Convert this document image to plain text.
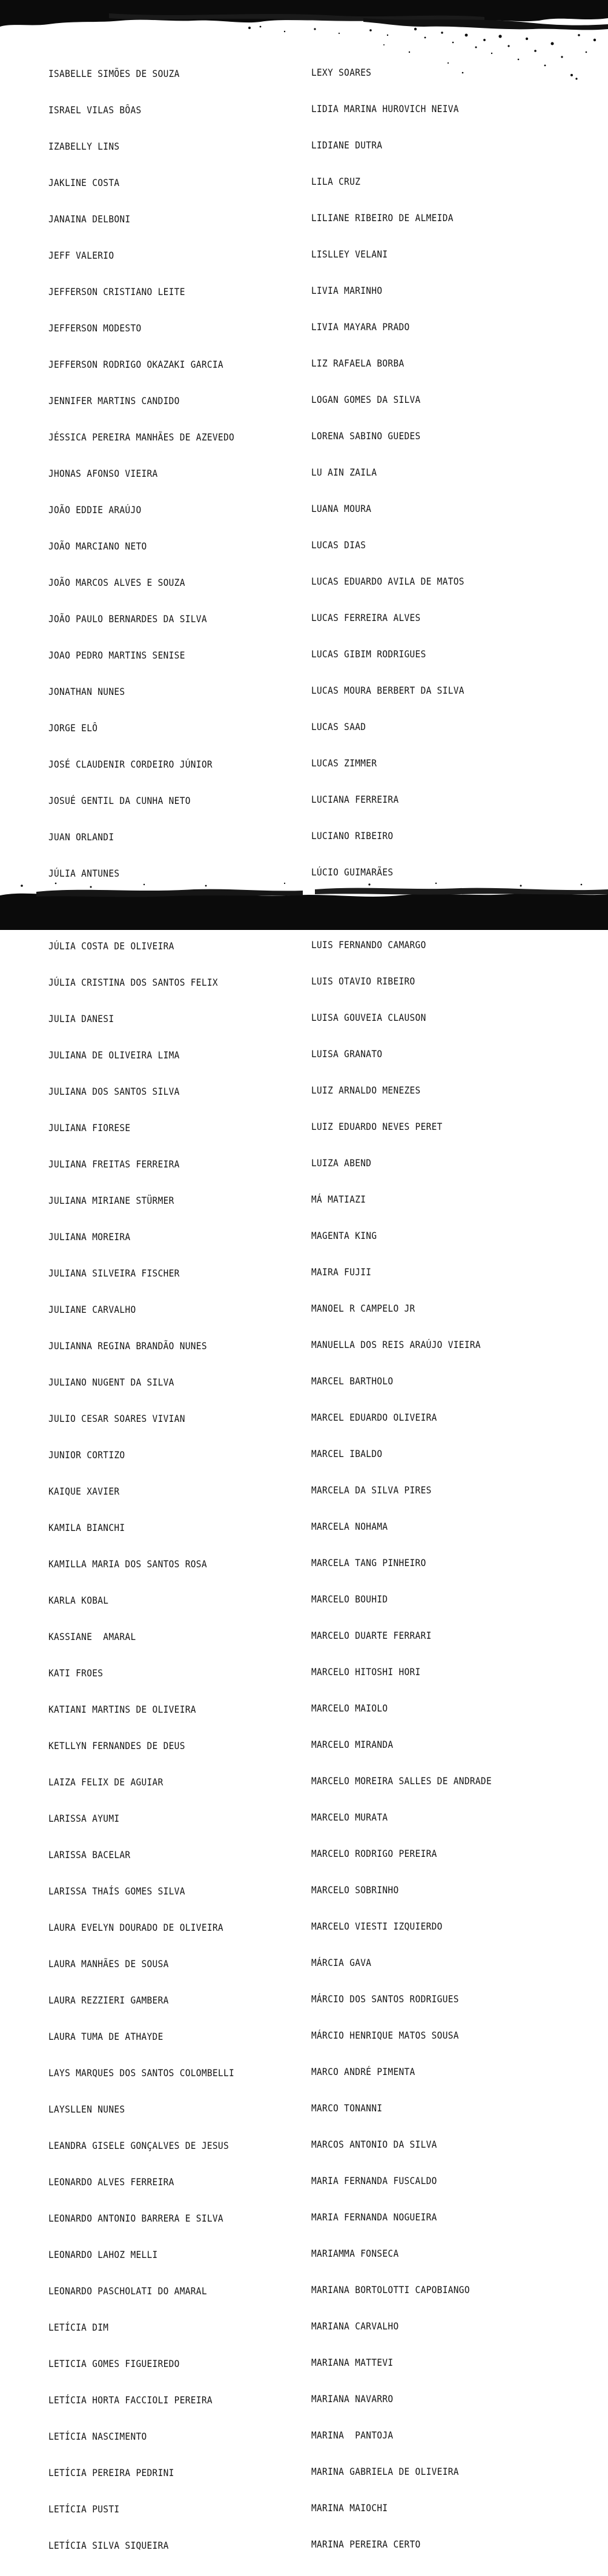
ISABELLE SIMÕES DE SOUZA

ISRAEL VILAS BÔAS

IZABELLY LINS

JAKLINE COSTA

JANAINA DELBONI

JEFF VALERIO

JEFFERSON CRISTIANO LEITE

JEFFERSON MODESTO

JEFFERSON RODRIGO OKAZAKI GARCIA

JENNIFER MARTINS CANDIDO

JÉSSICA PEREIRA MANHÃES DE AZEVEDO

JHONAS AFONSO VIEIRA

JOÃO EDDIE ARAÚJO

JOÃO MARCIANO NETO

JOÃO MARCOS ALVES E SOUZA

JOÃO PAULO BERNARDES DA SILVA

JOAO PEDRO MARTINS SENISE

JONATHAN NUNES

JORGE ELÔ

JOSÉ CLAUDENIR CORDEIRO JÚNIOR

JOSUÉ GENTIL DA CUNHA NETO

JUAN ORLANDI

JÚLIA ANTUNES

JÚLIA COSTA DE OLIVEIRA

JÚLIA CRISTINA DOS SANTOS FELIX

JULIA DANESI

JULIANA DE OLIVEIRA LIMA

JULIANA DOS SANTOS SILVA

JULIANA FIORESE

JULIANA FREITAS FERREIRA

JULIANA MIRIANE STÜRMER

JULIANA MOREIRA

JULIANA SILVEIRA FISCHER

JULIANE CARVALHO

JULIANNA REGINA BRANDÃO NUNES

JULIANO NUGENT DA SILVA

JULIO CESAR SOARES VIVIAN

JUNIOR CORTIZO

KAIQUE XAVIER

KAMILA BIANCHI

KAMILLA MARIA DOS SANTOS ROSA

KARLA KOBAL

KASSIANE  AMARAL

KATI FROES

KATIANI MARTINS DE OLIVEIRA

KETLLYN FERNANDES DE DEUS

LAIZA FELIX DE AGUIAR

LARISSA AYUMI

LARISSA BACELAR

LARISSA THAÍS GOMES SILVA

LAURA EVELYN DOURADO DE OLIVEIRA

LAURA MANHÃES DE SOUSA

LAURA REZZIERI GAMBERA

LAURA TUMA DE ATHAYDE

LAYS MARQUES DOS SANTOS COLOMBELLI

LAYSLLEN NUNES

LEANDRA GISELE GONÇALVES DE JESUS

LEONARDO ALVES FERREIRA

LEONARDO ANTONIO BARRERA E SILVA

LEONARDO LAHOZ MELLI

LEONARDO PASCHOLATI DO AMARAL

LETÍCIA DIM

LETICIA GOMES FIGUEIREDO

LETÍCIA HORTA FACCIOLI PEREIRA

LETÍCIA NASCIMENTO

LETÍCIA PEREIRA PEDRINI

LETÍCIA PUSTI

LETÍCIA SILVA SIQUEIRA

LEXY SOARES

LIDIA MARINA HUROVICH NEIVA

LIDIANE DUTRA

LILA CRUZ

LILIANE RIBEIRO DE ALMEIDA

LISLLEY VELANI

LIVIA MARINHO

LIVIA MAYARA PRADO

LIZ RAFAELA BORBA

LOGAN GOMES DA SILVA

LORENA SABINO GUEDES

LU AIN ZAILA

LUANA MOURA

LUCAS DIAS

LUCAS EDUARDO AVILA DE MATOS

LUCAS FERREIRA ALVES

LUCAS GIBIM RODRIGUES

LUCAS MOURA BERBERT DA SILVA

LUCAS SAAD

LUCAS ZIMMER

LUCIANA FERREIRA

LUCIANO RIBEIRO

LÚCIO GUIMARÃES

LUIS FERNANDO CAMARGO

LUIS OTAVIO RIBEIRO

LUISA GOUVEIA CLAUSON

LUISA GRANATO

LUIZ ARNALDO MENEZES

LUIZ EDUARDO NEVES PERET

LUIZA ABEND

MÁ MATIAZI

MAGENTA KING

MAIRA FUJII

MANOEL R CAMPELO JR

MANUELLA DOS REIS ARAÚJO VIEIRA

MARCEL BARTHOLO

MARCEL EDUARDO OLIVEIRA

MARCEL IBALDO

MARCELA DA SILVA PIRES

MARCELA NOHAMA

MARCELA TANG PINHEIRO

MARCELO BOUHID

MARCELO DUARTE FERRARI

MARCELO HITOSHI HORI

MARCELO MAIOLO

MARCELO MIRANDA

MARCELO MOREIRA SALLES DE ANDRADE

MARCELO MURATA

MARCELO RODRIGO PEREIRA

MARCELO SOBRINHO

MARCELO VIESTI IZQUIERDO

MÁRCIA GAVA

MÁRCIO DOS SANTOS RODRIGUES

MÁRCIO HENRIQUE MATOS SOUSA

MARCO ANDRÉ PIMENTA

MARCO TONANNI

MARCOS ANTONIO DA SILVA

MARIA FERNANDA FUSCALDO

MARIA FERNANDA NOGUEIRA

MARIAMMA FONSECA

MARIANA BORTOLOTTI CAPOBIANGO

MARIANA CARVALHO

MARIANA MATTEVI

MARIANA NAVARRO

MARINA  PANTOJA

MARINA GABRIELA DE OLIVEIRA

MARINA MAIOCHI

MARINA PEREIRA CERTO
